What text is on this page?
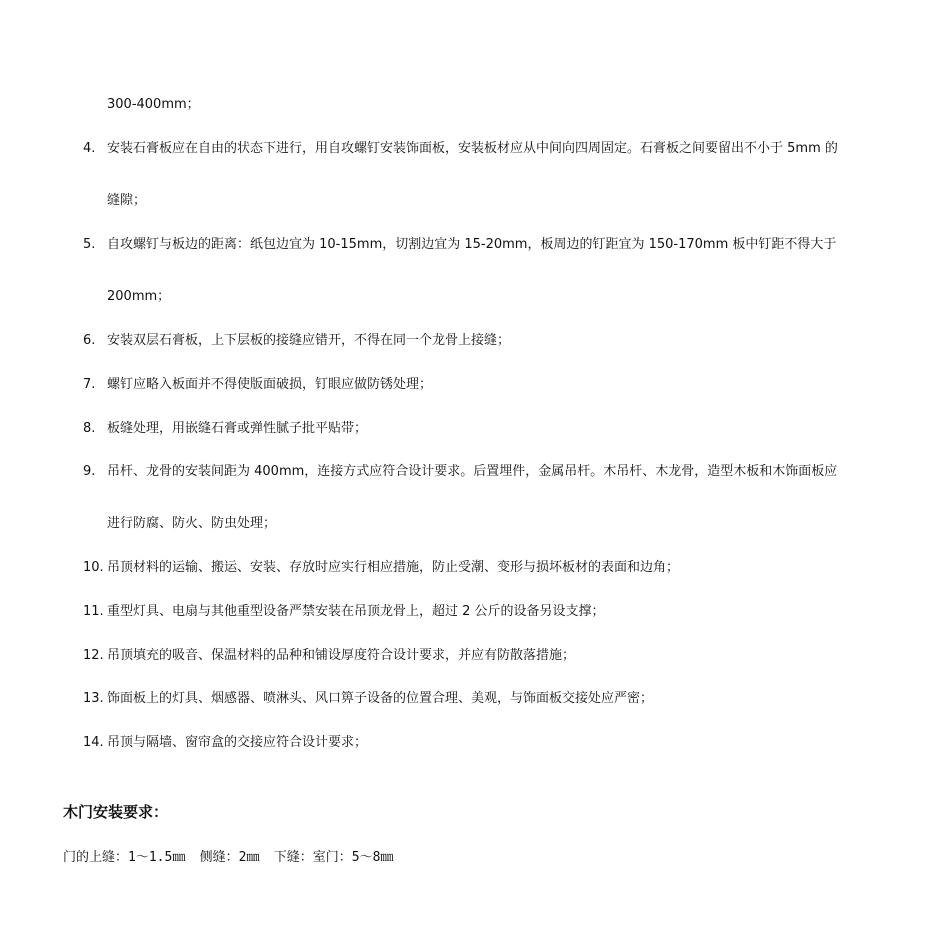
300-400mm；
4. 安装石膏板应在自由的状态下进行，用自攻螺钉安装饰面板，安装板材应从中间向四周固定。石膏板之间要留出不小于 5mm 的
缝隙；
5. 自攻螺钉与板边的距离：纸包边宜为 10-15mm，切割边宜为 15-20mm，板周边的钉距宜为 150-170mm 板中钉距不得大于
200mm；
6. 安装双层石膏板，上下层板的接缝应错开，不得在同一个龙骨上接缝；
7. 螺钉应略入板面并不得使版面破损，钉眼应做防锈处理；
8. 板缝处理，用嵌缝石膏或弹性腻子批平贴带；
9. 吊杆、龙骨的安装间距为 400mm，连接方式应符合设计要求。后置埋件，金属吊杆。木吊杆、木龙骨，造型木板和木饰面板应
进行防腐、防火、防虫处理；
10. 吊顶材料的运输、搬运、安装、存放时应实行相应措施，防止受潮、变形与损坏板材的表面和边角；
11. 重型灯具、电扇与其他重型设备严禁安装在吊顶龙骨上，超过 2 公斤的设备另设支撑；
12. 吊顶填充的吸音、保温材料的品种和铺设厚度符合设计要求，并应有防散落措施；
13. 饰面板上的灯具、烟感器、喷淋头、风口箅子设备的位置合理、美观，与饰面板交接处应严密；
14. 吊顶与隔墙、窗帘盒的交接应符合设计要求；
木门安装要求：
门的上缝：1～1.5㎜ 侧缝：2㎜ 下缝：室门：5～8㎜
